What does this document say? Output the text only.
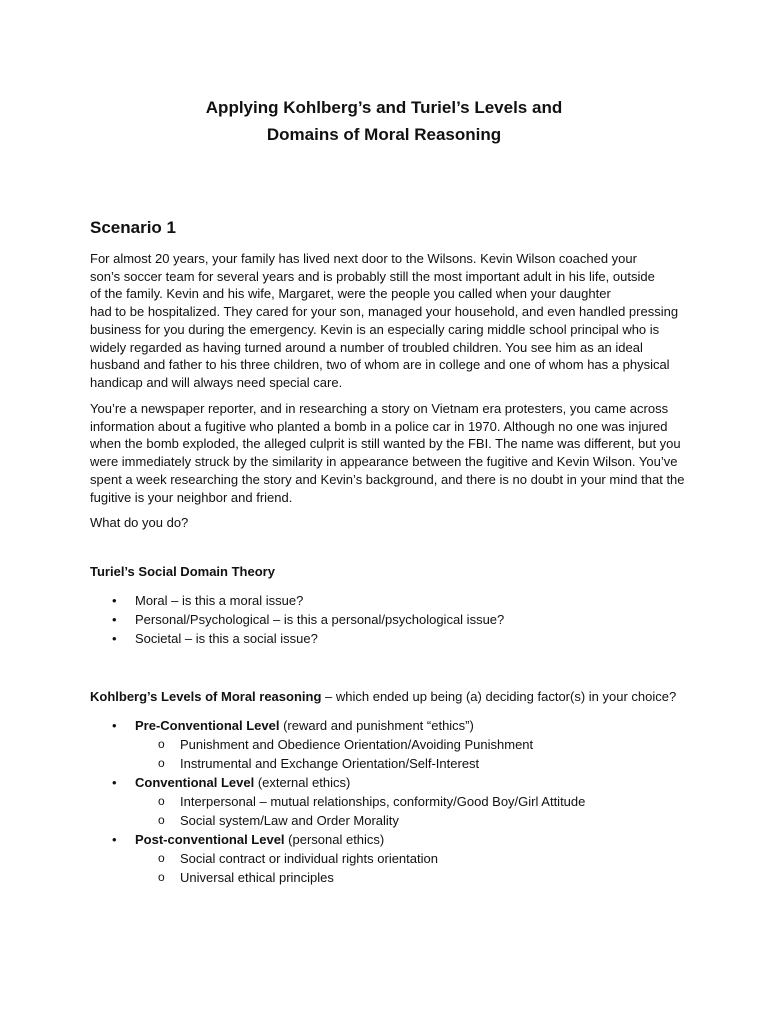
Applying Kohlberg’s and Turiel’s Levels and
Domains of Moral Reasoning
Scenario 1
For almost 20 years, your family has lived next door to the Wilsons. Kevin Wilson coached your
son’s soccer team for several years and is probably still the most important adult in his life, outside
of the family. Kevin and his wife, Margaret, were the people you called when your daughter
had to be hospitalized. They cared for your son, managed your household, and even handled pressing
business for you during the emergency. Kevin is an especially caring middle school principal who is
widely regarded as having turned around a number of troubled children. You see him as an ideal
husband and father to his three children, two of whom are in college and one of whom has a physical
handicap and will always need special care.
You’re a newspaper reporter, and in researching a story on Vietnam era protesters, you came across
information about a fugitive who planted a bomb in a police car in 1970. Although no one was injured
when the bomb exploded, the alleged culprit is still wanted by the FBI. The name was different, but you
were immediately struck by the similarity in appearance between the fugitive and Kevin Wilson. You’ve
spent a week researching the story and Kevin’s background, and there is no doubt in your mind that the
fugitive is your neighbor and friend.
What do you do?
Turiel’s Social Domain Theory
• Moral – is this a moral issue?
• Personal/Psychological – is this a personal/psychological issue?
• Societal – is this a social issue?
Kohlberg’s Levels of Moral reasoning – which ended up being (a) deciding factor(s) in your choice?
• Pre-Conventional Level (reward and punishment “ethics”)
o Punishment and Obedience Orientation/Avoiding Punishment
o Instrumental and Exchange Orientation/Self-Interest
• Conventional Level (external ethics)
o Interpersonal – mutual relationships, conformity/Good Boy/Girl Attitude
o Social system/Law and Order Morality
• Post-conventional Level (personal ethics)
o Social contract or individual rights orientation
o Universal ethical principles
